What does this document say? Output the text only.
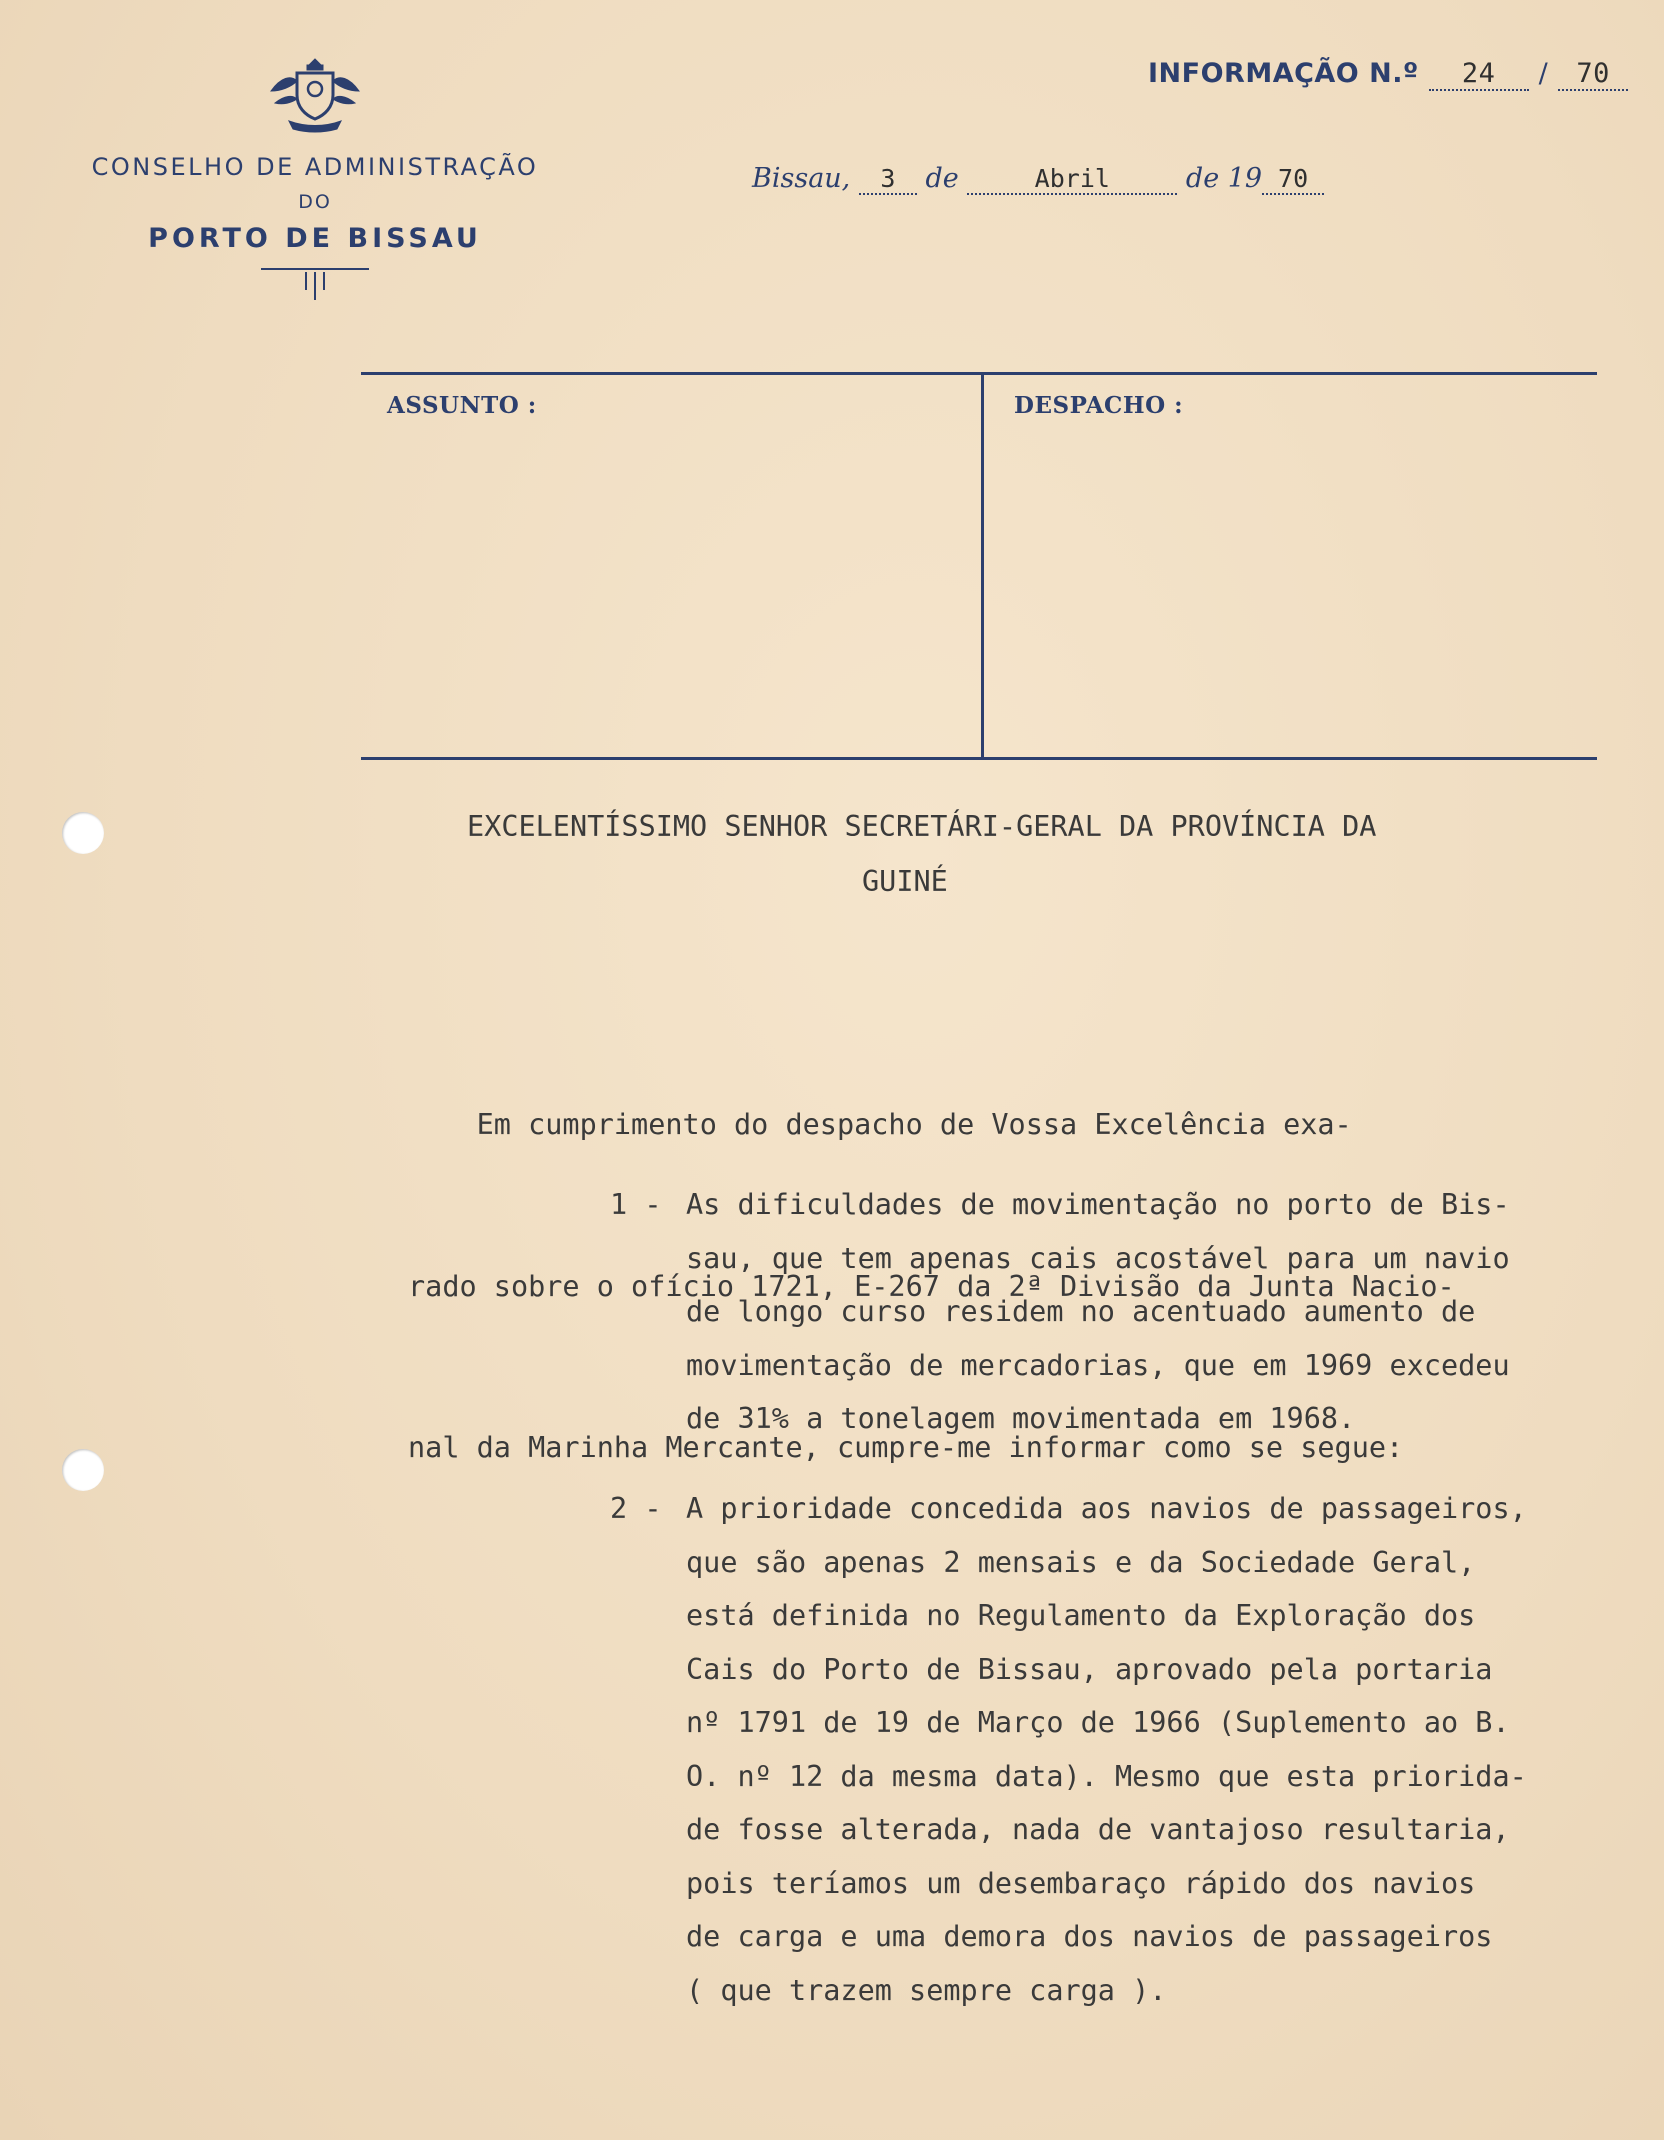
CONSELHO DE ADMINISTRAÇÃO
DO
PORTO DE BISSAU
INFORMAÇÃO N.º 24 / 70
Bissau, 3 de	Abril	de 19 70
ASSUNTO :	DESPACHO :
EXCELENTÍSSIMO SENHOR SECRETÁRI-GERAL DA PROVÍNCIA DA
GUINÉ

Em cumprimento do despacho de Vossa Excelência exa-

rado sobre o ofício 1721, E-267 da 2ª Divisão da Junta Nacio-

nal da Marinha Mercante, cumpre-me informar como se segue:

1 - As dificuldades de movimentação no porto de Bis-
sau, que tem apenas cais acostável para um navio
de longo curso residem no acentuado aumento de
movimentação de mercadorias, que em 1969 excedeu
de 31% a tonelagem movimentada em 1968.
2 - A prioridade concedida aos navios de passageiros,
que são apenas 2 mensais e da Sociedade Geral,
está definida no Regulamento da Exploração dos
Cais do Porto de Bissau, aprovado pela portaria
nº 1791 de 19 de Março de 1966 (Suplemento ao B.
O. nº 12 da mesma data). Mesmo que esta priorida-
de fosse alterada, nada de vantajoso resultaria,
pois teríamos um desembaraço rápido dos navios
de carga e uma demora dos navios de passageiros
( que trazem sempre carga ).
